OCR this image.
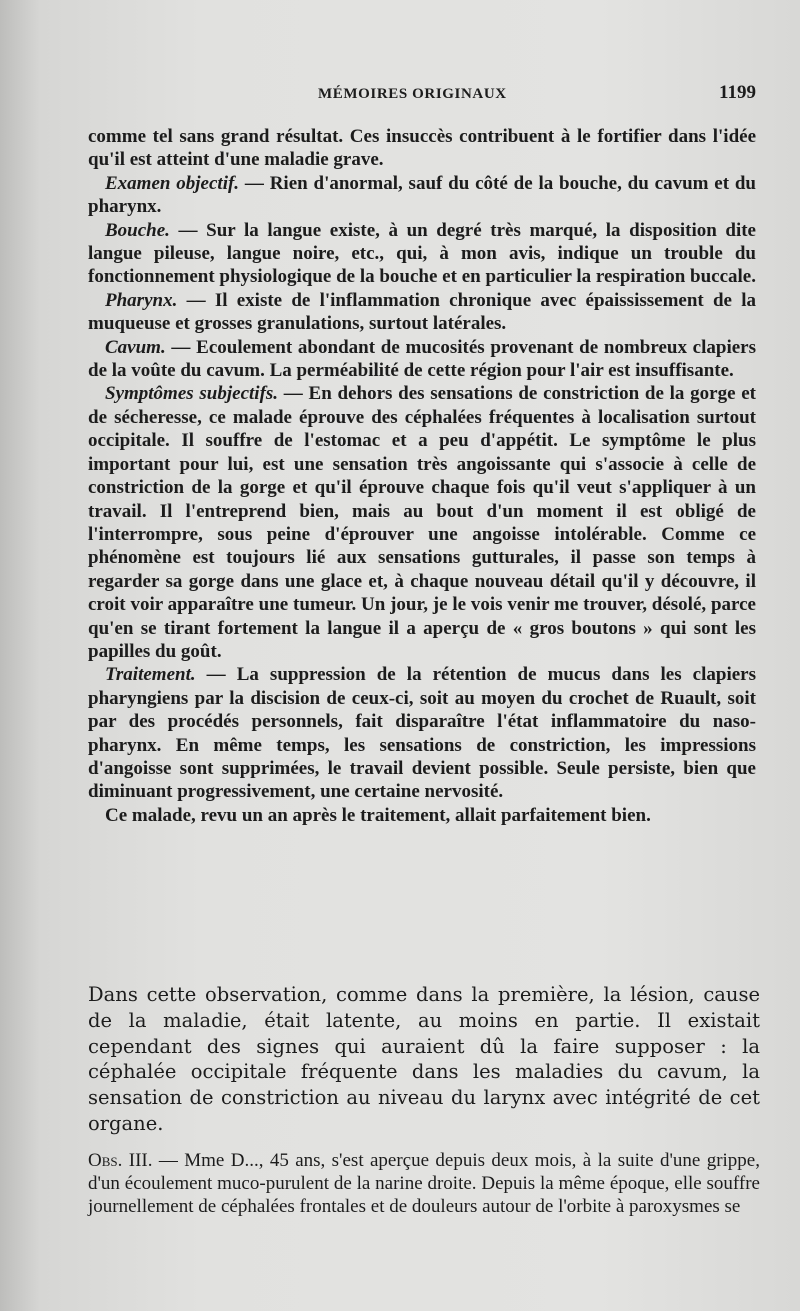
MÉMOIRES ORIGINAUX	1199

comme tel sans grand résultat. Ces insuccès contribuent à le fortifier dans l'idée qu'il est atteint d'une maladie grave.

Examen objectif. — Rien d'anormal, sauf du côté de la bouche, du cavum et du pharynx.

Bouche. — Sur la langue existe, à un degré très marqué, la disposition dite langue pileuse, langue noire, etc., qui, à mon avis, indique un trouble du fonctionnement physiologique de la bouche et en particulier la respiration buccale.

Pharynx. — Il existe de l'inflammation chronique avec épaississement de la muqueuse et grosses granulations, surtout latérales.

Cavum. — Ecoulement abondant de mucosités provenant de nombreux clapiers de la voûte du cavum. La perméabilité de cette région pour l'air est insuffisante.

Symptômes subjectifs. — En dehors des sensations de constriction de la gorge et de sécheresse, ce malade éprouve des céphalées fréquentes à localisation surtout occipitale. Il souffre de l'estomac et a peu d'appétit. Le symptôme le plus important pour lui, est une sensation très angoissante qui s'associe à celle de constriction de la gorge et qu'il éprouve chaque fois qu'il veut s'appliquer à un travail. Il l'entreprend bien, mais au bout d'un moment il est obligé de l'interrompre, sous peine d'éprouver une angoisse intolérable. Comme ce phénomène est toujours lié aux sensations gutturales, il passe son temps à regarder sa gorge dans une glace et, à chaque nouveau détail qu'il y découvre, il croit voir apparaître une tumeur. Un jour, je le vois venir me trouver, désolé, parce qu'en se tirant fortement la langue il a aperçu de « gros boutons » qui sont les papilles du goût.

Traitement. — La suppression de la rétention de mucus dans les clapiers pharyngiens par la discision de ceux-ci, soit au moyen du crochet de Ruault, soit par des procédés personnels, fait disparaître l'état inflammatoire du naso-pharynx. En même temps, les sensations de constriction, les impressions d'angoisse sont supprimées, le travail devient possible. Seule persiste, bien que diminuant progressivement, une certaine nervosité.

Ce malade, revu un an après le traitement, allait parfaitement bien.

Dans cette observation, comme dans la première, la lésion, cause de la maladie, était latente, au moins en partie. Il existait cependant des signes qui auraient dû la faire supposer : la céphalée occipitale fréquente dans les maladies du cavum, la sensation de constriction au niveau du larynx avec intégrité de cet organe.

Obs. III. — Mme D..., 45 ans, s'est aperçue depuis deux mois, à la suite d'une grippe, d'un écoulement muco-purulent de la narine droite. Depuis la même époque, elle souffre journellement de céphalées frontales et de douleurs autour de l'orbite à paroxysmes se
